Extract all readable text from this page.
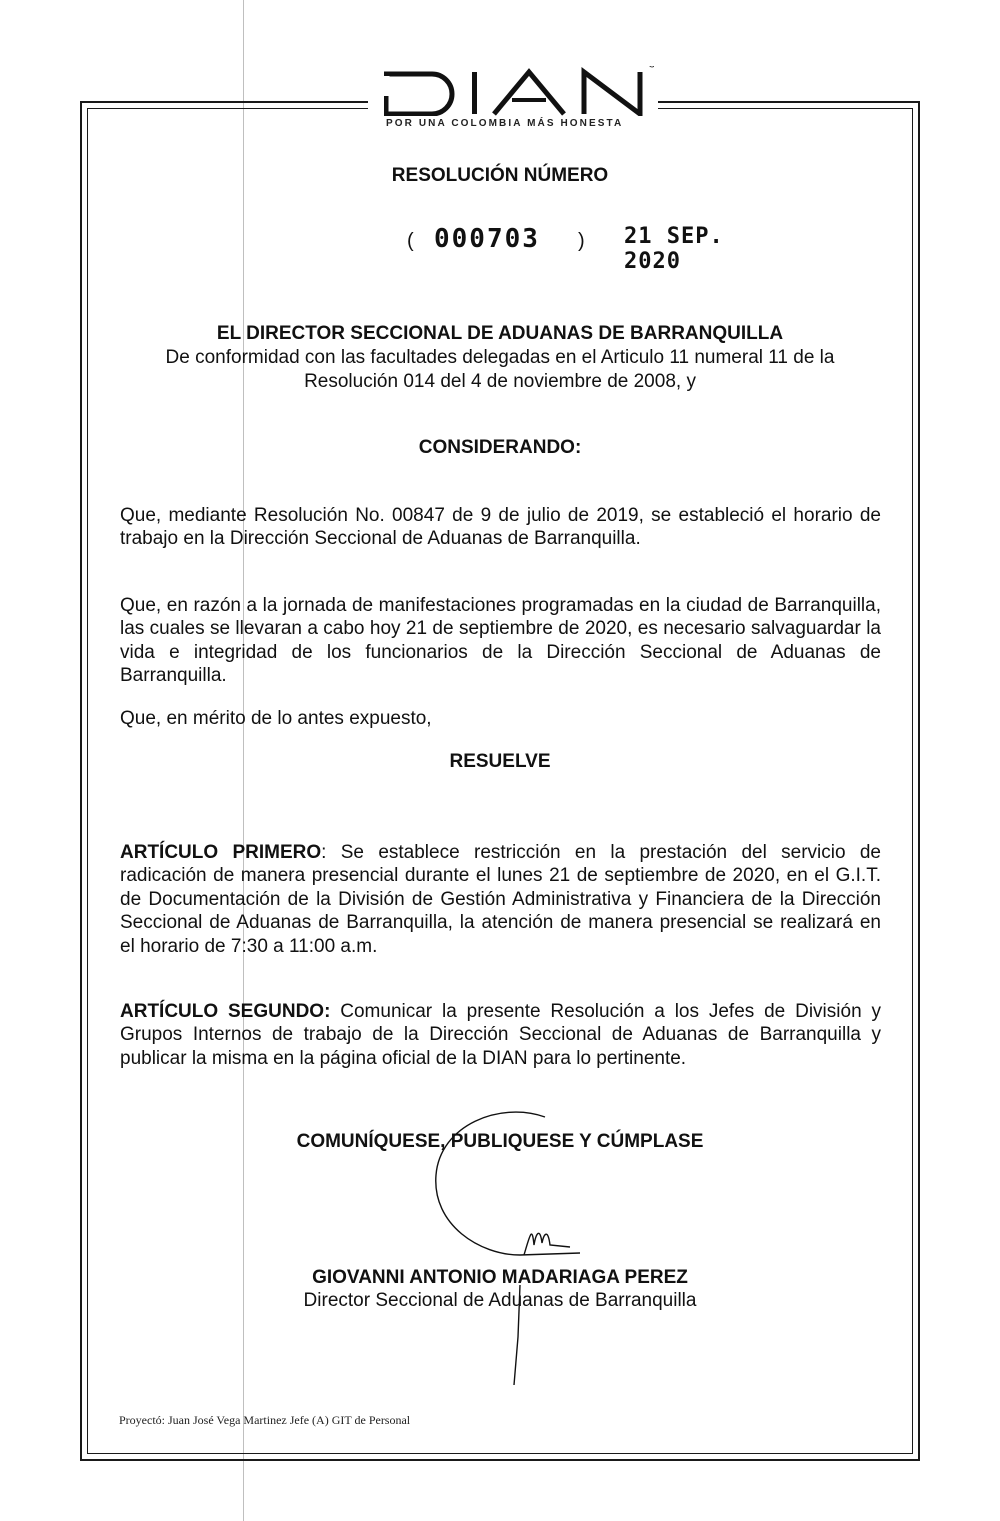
POR UNA COLOMBIA MÁS HONESTA
RESOLUCIÓN NÚMERO
( 000703 ) 21 SEP. 2020
EL DIRECTOR SECCIONAL DE ADUANAS DE BARRANQUILLA
De conformidad con las facultades delegadas en el Articulo 11 numeral 11 de la
Resolución 014 del 4 de noviembre de 2008, y
CONSIDERANDO:
Que, mediante Resolución No. 00847 de 9 de julio de 2019, se estableció el horario de trabajo en la Dirección Seccional de Aduanas de Barranquilla.
Que, en razón a la jornada de manifestaciones programadas en la ciudad de Barranquilla, las cuales se llevaran a cabo hoy 21 de septiembre de 2020, es necesario salvaguardar la vida e integridad de los funcionarios de la Dirección Seccional de Aduanas de Barranquilla.
Que, en mérito de lo antes expuesto,
RESUELVE
ARTÍCULO PRIMERO: Se establece restricción en la prestación del servicio de radicación de manera presencial durante el lunes 21 de septiembre de 2020, en el G.I.T. de Documentación de la División de Gestión Administrativa y Financiera de la Dirección Seccional de Aduanas de Barranquilla, la atención de manera presencial se realizará en el horario de 7:30 a 11:00 a.m.
ARTÍCULO SEGUNDO: Comunicar la presente Resolución a los Jefes de División y Grupos Internos de trabajo de la Dirección Seccional de Aduanas de Barranquilla y publicar la misma en la página oficial de la DIAN para lo pertinente.
COMUNÍQUESE, PUBLIQUESE Y CÚMPLASE
GIOVANNI ANTONIO MADARIAGA PEREZ
Director Seccional de Aduanas de Barranquilla
Proyectó: Juan José Vega Martinez Jefe (A) GIT de Personal
